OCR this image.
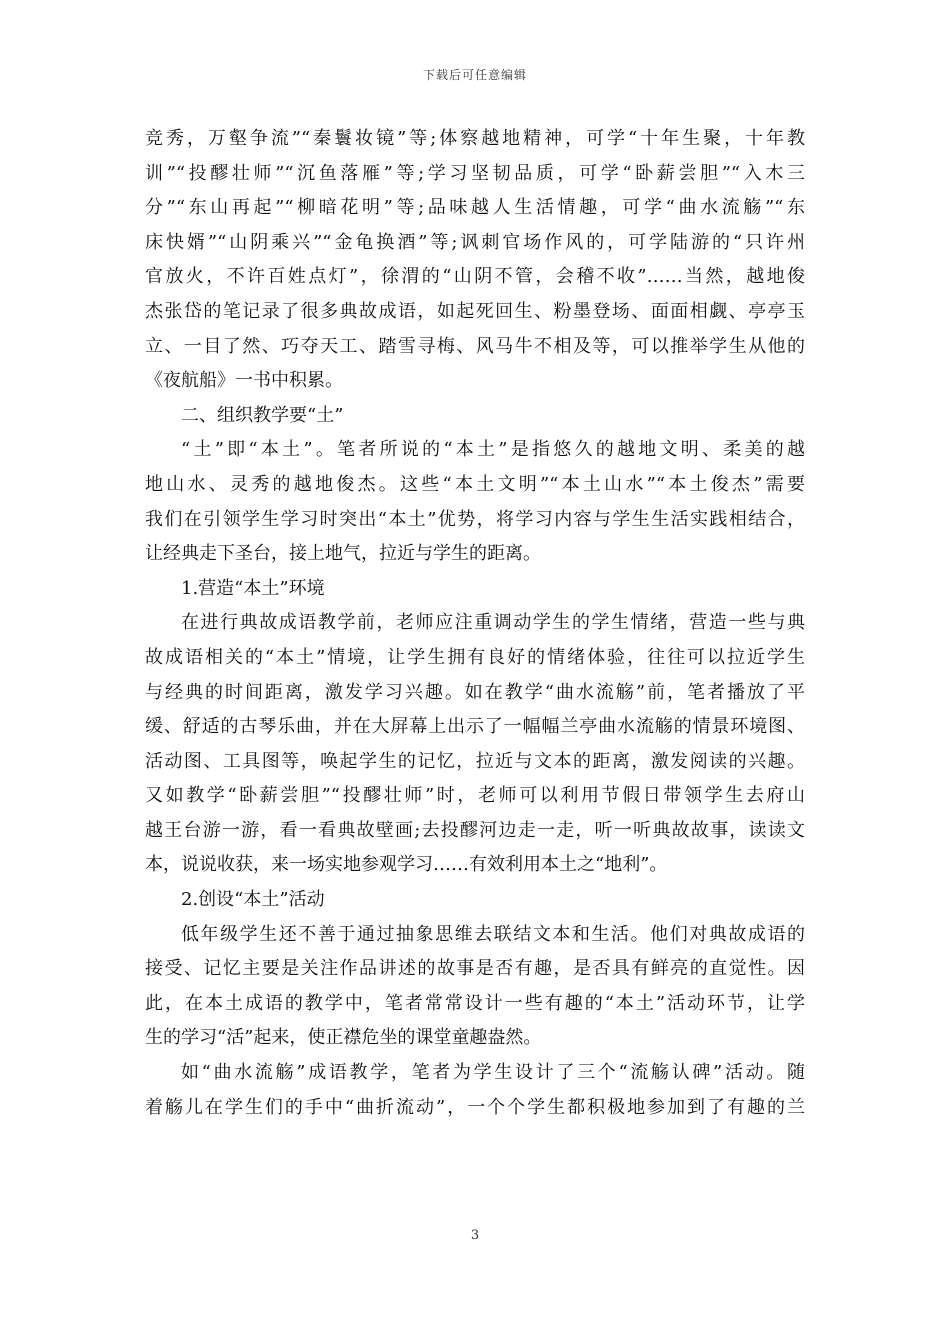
下载后可任意编辑
竞秀，万壑争流”“秦鬟妆镜”等;体察越地精神，可学“十年生聚，十年教
训”“投醪壮师”“沉鱼落雁”等;学习坚韧品质，可学“卧薪尝胆”“入木三
分”“东山再起”“柳暗花明”等;品味越人生活情趣，可学“曲水流觞”“东
床快婿”“山阴乘兴”“金龟换酒”等;讽刺官场作风的，可学陆游的“只许州
官放火，不许百姓点灯”，徐渭的“山阴不管，会稽不收”……当然，越地俊
杰张岱的笔记录了很多典故成语，如起死回生、粉墨登场、面面相觑、亭亭玉
立、一目了然、巧夺天工、踏雪寻梅、风马牛不相及等，可以推举学生从他的
《夜航船》一书中积累。
二、组织教学要“土”
“土”即“本土”。笔者所说的“本土”是指悠久的越地文明、柔美的越
地山水、灵秀的越地俊杰。这些“本土文明”“本土山水”“本土俊杰”需要
我们在引领学生学习时突出“本土”优势，将学习内容与学生生活实践相结合，
让经典走下圣台，接上地气，拉近与学生的距离。
1.营造“本土”环境
在进行典故成语教学前，老师应注重调动学生的学生情绪，营造一些与典
故成语相关的“本土”情境，让学生拥有良好的情绪体验，往往可以拉近学生
与经典的时间距离，激发学习兴趣。如在教学“曲水流觞”前，笔者播放了平
缓、舒适的古琴乐曲，并在大屏幕上出示了一幅幅兰亭曲水流觞的情景环境图、
活动图、工具图等，唤起学生的记忆，拉近与文本的距离，激发阅读的兴趣。
又如教学“卧薪尝胆”“投醪壮师”时，老师可以利用节假日带领学生去府山
越王台游一游，看一看典故壁画;去投醪河边走一走，听一听典故故事，读读文
本，说说收获，来一场实地参观学习……有效利用本土之“地利”。
2.创设“本土”活动
低年级学生还不善于通过抽象思维去联结文本和生活。他们对典故成语的
接受、记忆主要是关注作品讲述的故事是否有趣，是否具有鲜亮的直觉性。因
此，在本土成语的教学中，笔者常常设计一些有趣的“本土”活动环节，让学
生的学习“活”起来，使正襟危坐的课堂童趣盎然。
如“曲水流觞”成语教学，笔者为学生设计了三个“流觞认碑”活动。随
着觞儿在学生们的手中“曲折流动”，一个个学生都积极地参加到了有趣的兰
3
